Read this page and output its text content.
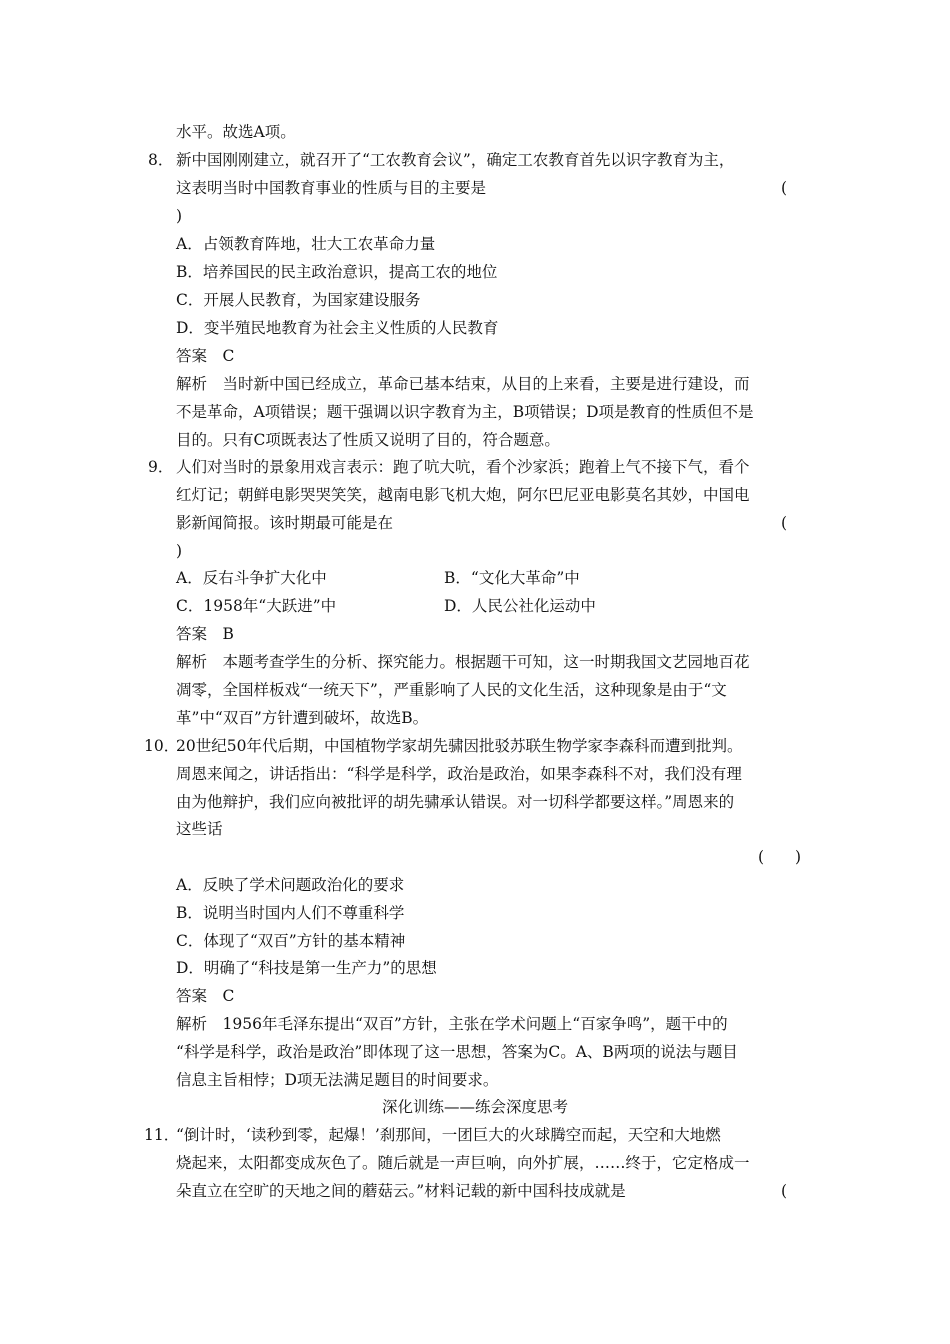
水平。故选A项。
8． 新中国刚刚建立，就召开了“工农教育会议”，确定工农教育首先以识字教育为主，
这表明当时中国教育事业的性质与目的主要是	(
)
A．占领教育阵地，壮大工农革命力量
B．培养国民的民主政治意识，提高工农的地位
C．开展人民教育，为国家建设服务
D．变半殖民地教育为社会主义性质的人民教育
答案　C
解析　当时新中国已经成立，革命已基本结束，从目的上来看，主要是进行建设，而
不是革命，A项错误；题干强调以识字教育为主，B项错误；D项是教育的性质但不是
目的。只有C项既表达了性质又说明了目的，符合题意。
9． 人们对当时的景象用戏言表示：跑了吭大吭，看个沙家浜；跑着上气不接下气，看个
红灯记；朝鲜电影哭哭笑笑，越南电影飞机大炮，阿尔巴尼亚电影莫名其妙，中国电
影新闻简报。该时期最可能是在	(
)
A．反右斗争扩大化中	B．“文化大革命”中
C．1958年“大跃进”中	D．人民公社化运动中
答案　B
解析　本题考查学生的分析、探究能力。根据题干可知，这一时期我国文艺园地百花
凋零，全国样板戏“一统天下”，严重影响了人民的文化生活，这种现象是由于“文
革”中“双百”方针遭到破坏，故选B。
10．
20世纪50年代后期，中国植物学家胡先骕因批驳苏联生物学家李森科而遭到批判。
周恩来闻之，讲话指出：“科学是科学，政治是政治，如果李森科不对，我们没有理
由为他辩护，我们应向被批评的胡先骕承认错误。对一切科学都要这样。”周恩来的
这些话
(　　)
A．反映了学术问题政治化的要求
B．说明当时国内人们不尊重科学
C．体现了“双百”方针的基本精神
D．明确了“科技是第一生产力”的思想
答案　C
解析　1956年毛泽东提出“双百”方针，主张在学术问题上“百家争鸣”，题干中的
“科学是科学，政治是政治”即体现了这一思想，答案为C。A、B两项的说法与题目
信息主旨相悖；D项无法满足题目的时间要求。
深化训练——练会深度思考
11．
“倒计时，‘读秒到零，起爆！’刹那间，一团巨大的火球腾空而起，天空和大地燃
烧起来，太阳都变成灰色了。随后就是一声巨响，向外扩展，……终于，它定格成一
朵直立在空旷的天地之间的蘑菇云。”材料记载的新中国科技成就是	(
